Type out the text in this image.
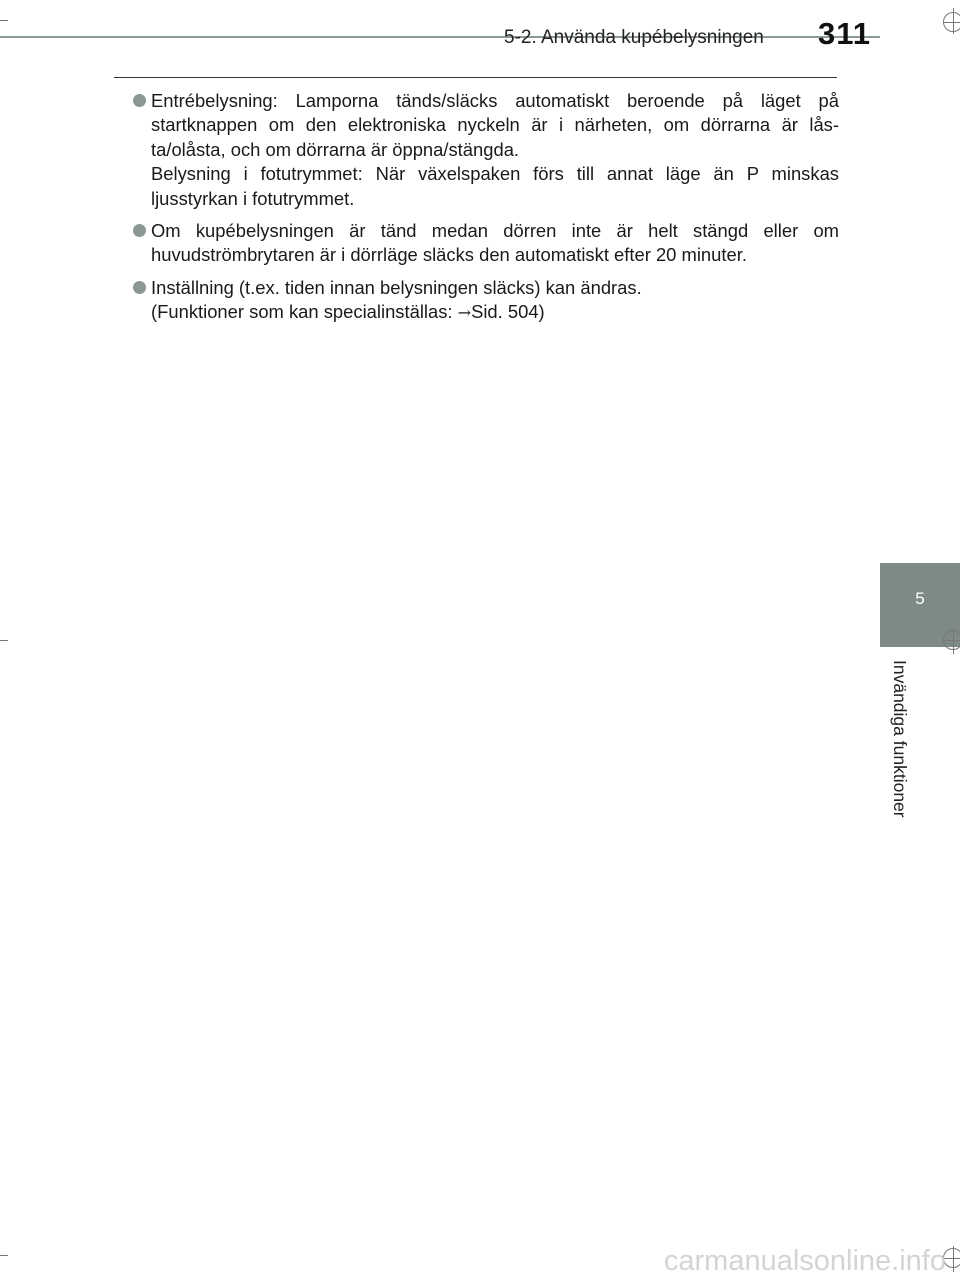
5-2. Använda kupébelysningen 311
Entrébelysning: Lamporna tänds/släcks automatiskt beroende på läget på startknappen om den elektroniska nyckeln är i närheten, om dörrarna är lås-ta/olåsta, och om dörrarna är öppna/stängda.
Belysning i fotutrymmet: När växelspaken förs till annat läge än P minskas ljusstyrkan i fotutrymmet.
Om kupébelysningen är tänd medan dörren inte är helt stängd eller om huvudströmbrytaren är i dörrläge släcks den automatiskt efter 20 minuter.
Inställning (t.ex. tiden innan belysningen släcks) kan ändras.
(Funktioner som kan specialinställas: →Sid. 504)
5
Invändiga funktioner
carmanualsonline.info
